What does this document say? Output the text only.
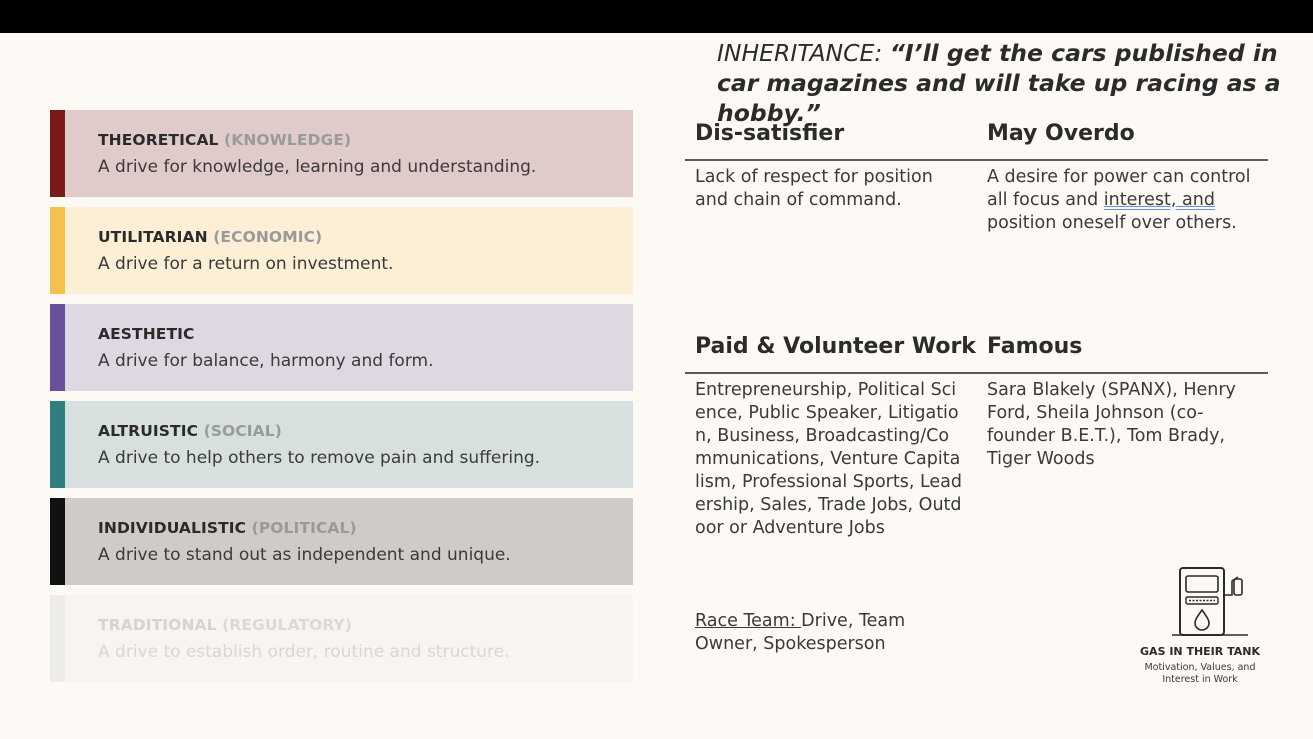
THEORETICAL (KNOWLEDGE)
A drive for knowledge, learning and understanding.
UTILITARIAN (ECONOMIC)
A drive for a return on investment.
AESTHETIC
A drive for balance, harmony and form.
ALTRUISTIC (SOCIAL)
A drive to help others to remove pain and suffering.
INDIVIDUALISTIC (POLITICAL)
A drive to stand out as independent and unique.
TRADITIONAL (REGULATORY)
A drive to establish order, routine and structure.
INHERITANCE: “I’ll get the cars published in car magazines and will take up racing as a hobby.”
Dis-satisfier	May Overdo
Lack of respect for position and chain of command.
A desire for power can control all focus and interest, and position oneself over others.
Paid & Volunteer Work Famous
Entrepreneurship, Political Science, Public Speaker, Litigation, Business, Broadcasting/Communications, Venture Capitalism, Professional Sports, Leadership, Sales, Trade Jobs, Outdoor or Adventure Jobs
Race Team: Drive, Team Owner, Spokesperson
Sara Blakely (SPANX), Henry Ford, Sheila Johnson (co-founder B.E.T.), Tom Brady, Tiger Woods
GAS IN THEIR TANK
Motivation, Values, and Interest in Work
